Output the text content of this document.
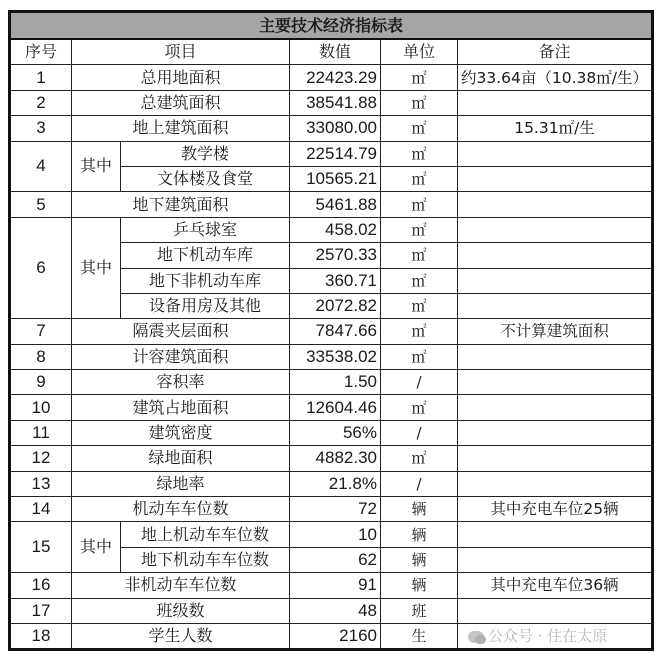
主要技术经济指标表					
序号	项目		数值	单位	备注
1	总用地面积		22423.29	㎡	约33.64亩（10.38㎡/生）
2	总建筑面积		38541.88	㎡	
3	地上建筑面积		33080.00	㎡	15.31㎡/生
4	其中	教学楼	22514.79	㎡	
		文体楼及食堂	10565.21	㎡	
5	地下建筑面积		5461.88	㎡	
6	其中	乒乓球室	458.02	㎡	
		地下机动车库	2570.33	㎡	
		地下非机动车库	360.71	㎡	
		设备用房及其他	2072.82	㎡	
7	隔震夹层面积		7847.66	㎡	不计算建筑面积
8	计容建筑面积		33538.02	㎡	
9	容积率		1.50	/	
10	建筑占地面积		12604.46	㎡	
11	建筑密度		56%	/	
12	绿地面积		4882.30	㎡	
13	绿地率		21.8%	/	
14	机动车车位数		72	辆	其中充电车位25辆
15	其中	地上机动车车位数	10	辆	
		地下机动车车位数	62	辆	
16	非机动车车位数		91	辆	其中充电车位36辆
17	班级数		48	班	
18	学生人数		2160	生		公众号 · 住在太原
